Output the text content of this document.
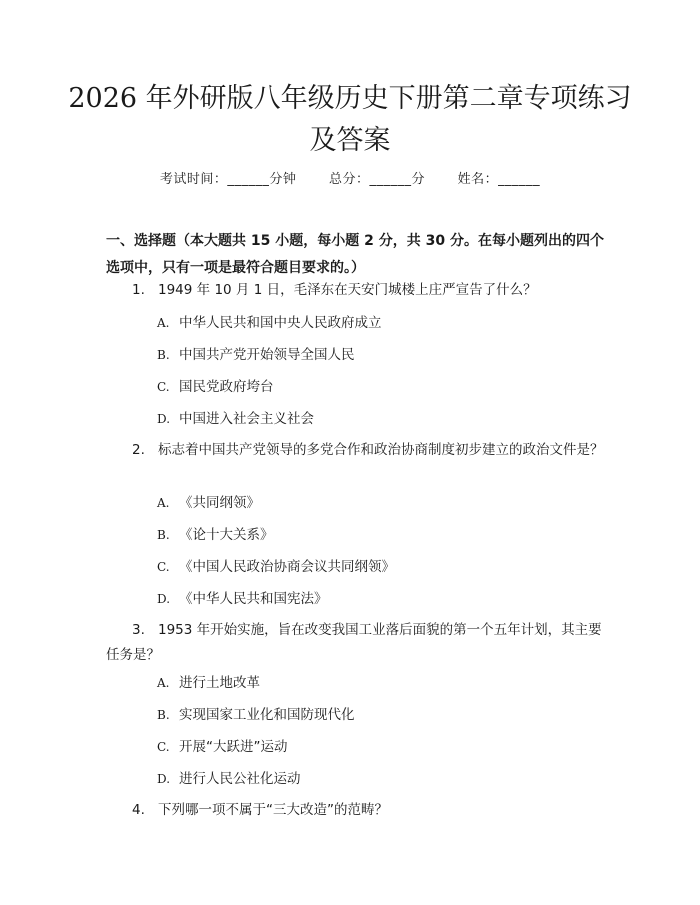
2026 年外研版八年级历史下册第二章专项练习及答案
考试时间：______分钟	总分：______分	姓名：______
一、选择题（本大题共 15 小题，每小题 2 分，共 30 分。在每小题列出的四个选项中，只有一项是最符合题目要求的。）
1. 1949 年 10 月 1 日，毛泽东在天安门城楼上庄严宣告了什么？
A. 中华人民共和国中央人民政府成立
B. 中国共产党开始领导全国人民
C. 国民党政府垮台
D. 中国进入社会主义社会
2. 标志着中国共产党领导的多党合作和政治协商制度初步建立的政治文件是？
A. 《共同纲领》
B. 《论十大关系》
C. 《中国人民政治协商会议共同纲领》
D. 《中华人民共和国宪法》
3. 1953 年开始实施，旨在改变我国工业落后面貌的第一个五年计划，其主要任务是？
A. 进行土地改革
B. 实现国家工业化和国防现代化
C. 开展“大跃进”运动
D. 进行人民公社化运动
4. 下列哪一项不属于“三大改造”的范畴？
